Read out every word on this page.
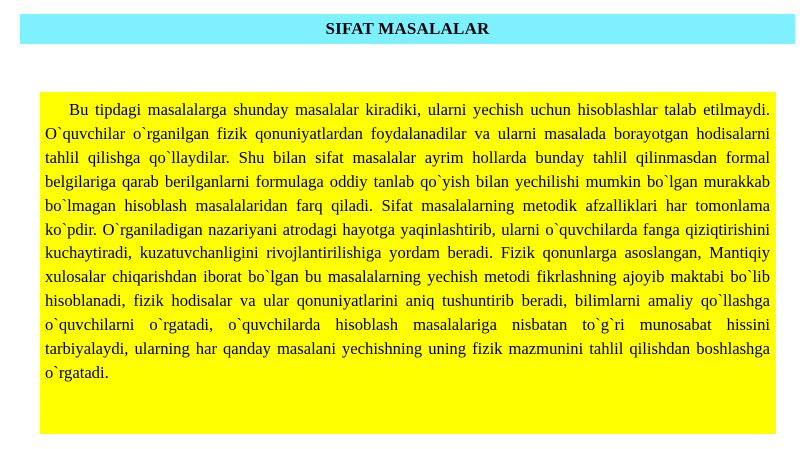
SIFAT MASALALAR

Bu tipdagi masalalarga shunday masalalar kiradiki, ularni yechish uchun hisoblashlar talab etilmaydi. O`quvchilar o`rganilgan fizik qonuniyatlardan foydalanadilar va ularni masalada borayotgan hodisalarni tahlil qilishga qo`llaydilar. Shu bilan sifat masalalar ayrim hollarda bunday tahlil qilinmasdan formal belgilariga qarab berilganlarni formulaga oddiy tanlab qo`yish bilan yechilishi mumkin bo`lgan murakkab bo`lmagan hisoblash masalalaridan farq qiladi. Sifat masalalarning metodik afzalliklari har tomonlama ko`pdir. O`rganiladigan nazariyani atrodagi hayotga yaqinlashtirib, ularni o`quvchilarda fanga qiziqtirishini kuchaytiradi, kuzatuvchanligini rivojlantirilishiga yordam beradi. Fizik qonunlarga asoslangan, Mantiqiy xulosalar chiqarishdan iborat bo`lgan bu masalalarning yechish metodi fikrlashning ajoyib maktabi bo`lib hisoblanadi, fizik hodisalar va ular qonuniyatlarini aniq tushuntirib beradi, bilimlarni amaliy qo`llashga o`quvchilarni o`rgatadi, o`quvchilarda hisoblash masalalariga nisbatan to`g`ri munosabat hissini tarbiyalaydi, ularning har qanday masalani yechishning uning fizik mazmunini tahlil qilishdan boshlashga o`rgatadi.
